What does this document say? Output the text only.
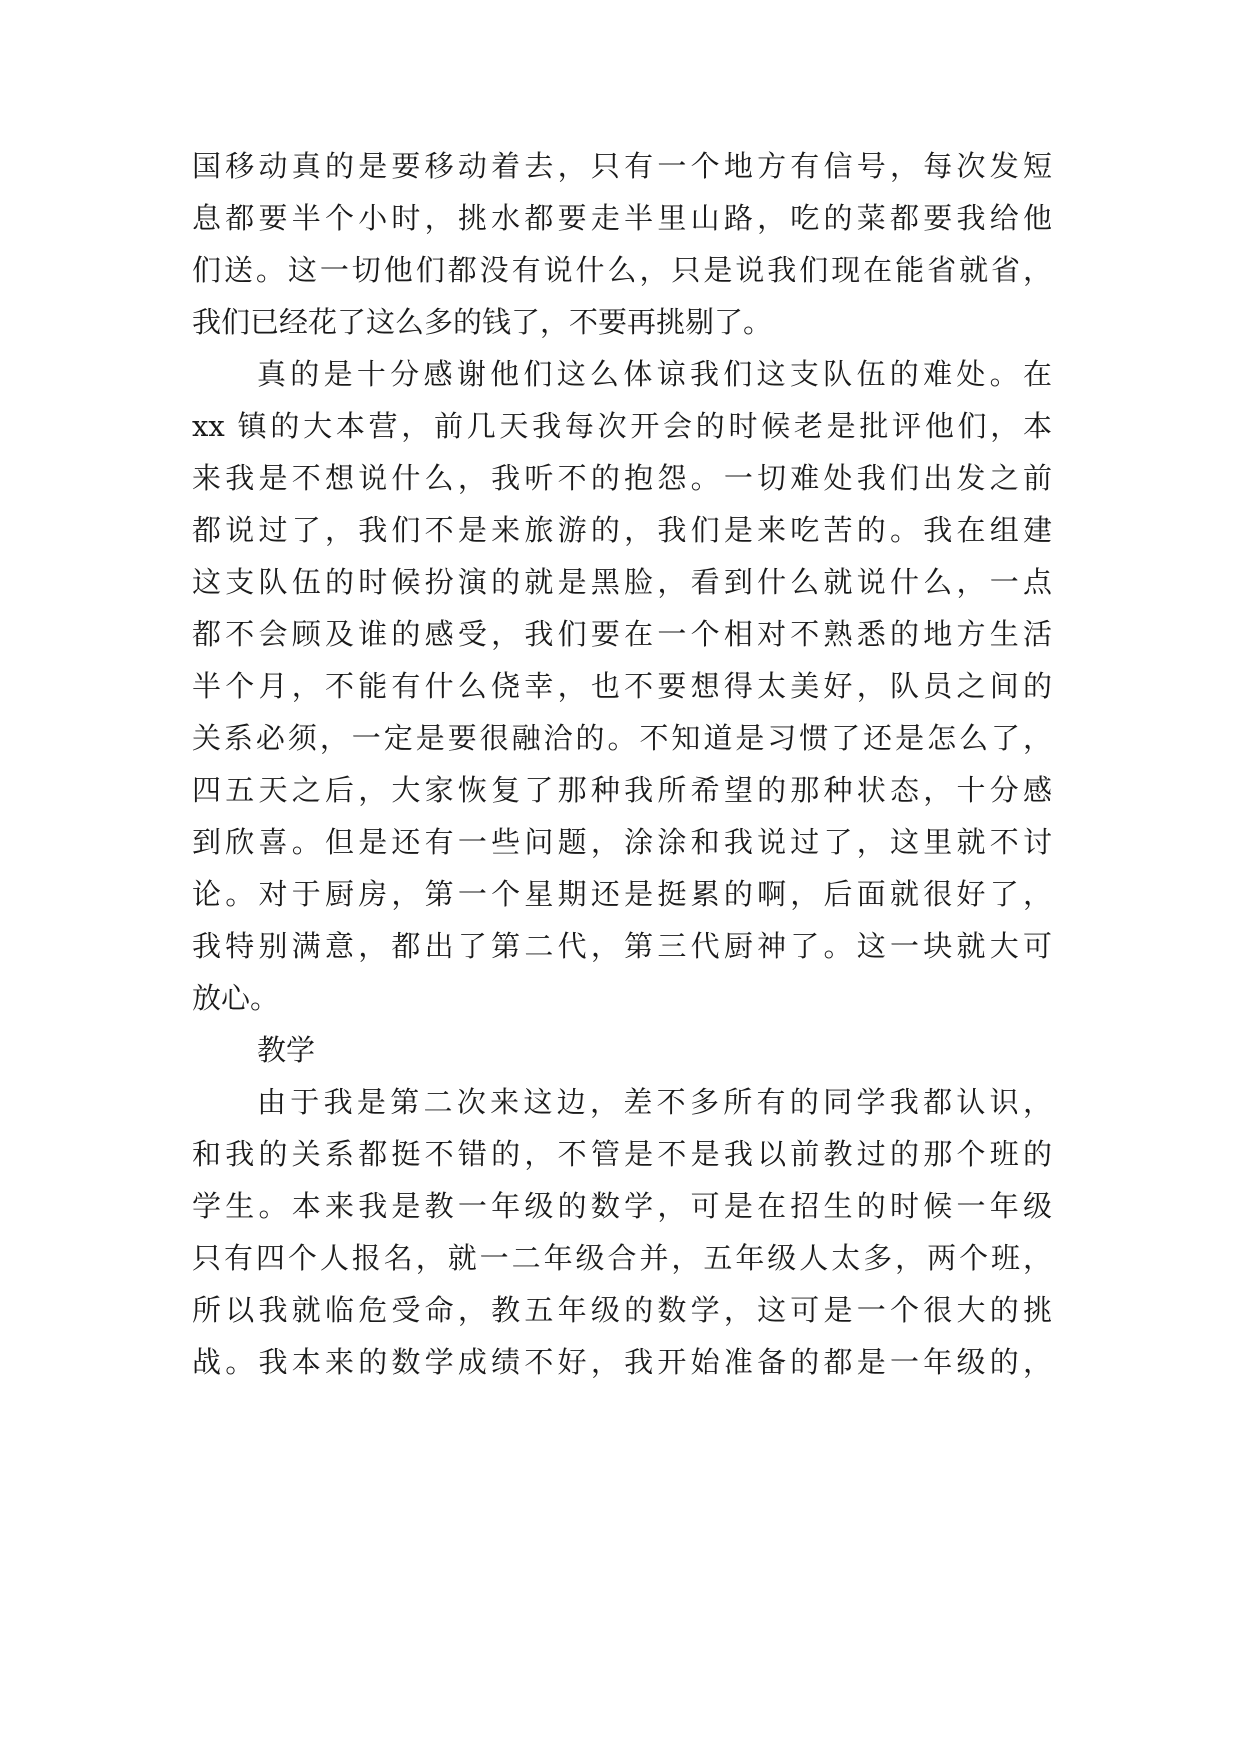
国移动真的是要移动着去，只有一个地方有信号，每次发短
息都要半个小时，挑水都要走半里山路，吃的菜都要我给他
们送。这一切他们都没有说什么，只是说我们现在能省就省，
我们已经花了这么多的钱了，不要再挑剔了。
真的是十分感谢他们这么体谅我们这支队伍的难处。在
xx 镇的大本营，前几天我每次开会的时候老是批评他们，本
来我是不想说什么，我听不的抱怨。一切难处我们出发之前
都说过了，我们不是来旅游的，我们是来吃苦的。我在组建
这支队伍的时候扮演的就是黑脸，看到什么就说什么，一点
都不会顾及谁的感受，我们要在一个相对不熟悉的地方生活
半个月，不能有什么侥幸，也不要想得太美好，队员之间的
关系必须，一定是要很融洽的。不知道是习惯了还是怎么了，
四五天之后，大家恢复了那种我所希望的那种状态，十分感
到欣喜。但是还有一些问题，涂涂和我说过了，这里就不讨
论。对于厨房，第一个星期还是挺累的啊，后面就很好了，
我特别满意，都出了第二代，第三代厨神了。这一块就大可
放心。
教学
由于我是第二次来这边，差不多所有的同学我都认识，
和我的关系都挺不错的，不管是不是我以前教过的那个班的
学生。本来我是教一年级的数学，可是在招生的时候一年级
只有四个人报名，就一二年级合并，五年级人太多，两个班，
所以我就临危受命，教五年级的数学，这可是一个很大的挑
战。我本来的数学成绩不好，我开始准备的都是一年级的，
